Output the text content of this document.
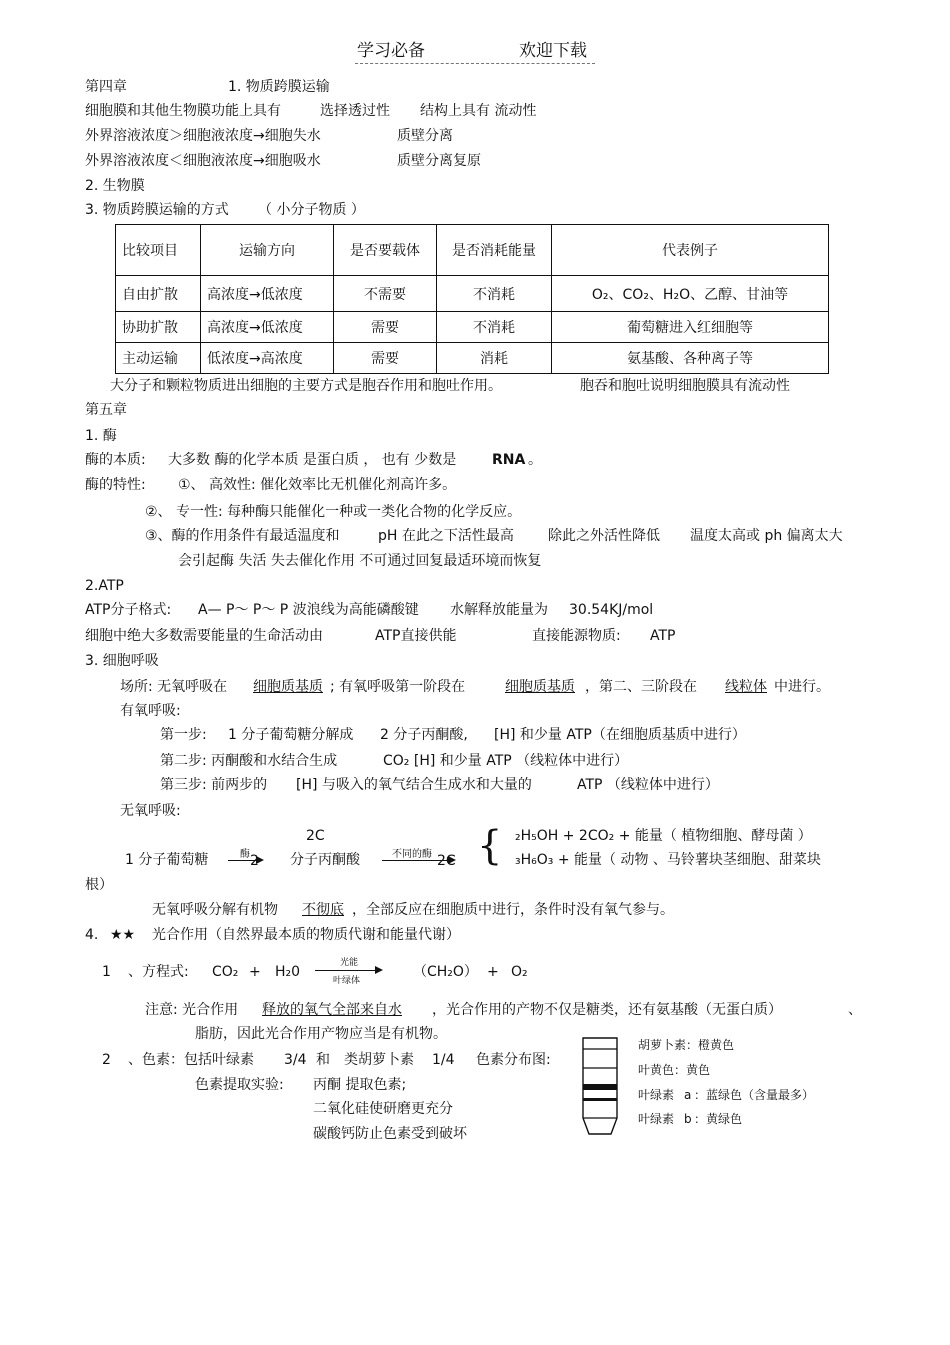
学习必备	欢迎下载
第四章	1. 物质跨膜运输
细胞膜和其他生物膜功能上具有	选择透过性 结构上具有 流动性
外界溶液浓度＞细胞液浓度→细胞失水	质壁分离
外界溶液浓度＜细胞液浓度→细胞吸水	质壁分离复原
2. 生物膜
3. 物质跨膜运输的方式 （ 小分子物质 ）
比较项目	运输方向	是否要载体	是否消耗能量	代表例子
自由扩散	高浓度→低浓度	不需要	不消耗	O₂、CO₂、H₂O、乙醇、甘油等
协助扩散	高浓度→低浓度	需要	不消耗	葡萄糖进入红细胞等
主动运输	低浓度→高浓度	需要	消耗	氨基酸、各种离子等
大分子和颗粒物质进出细胞的主要方式是胞吞作用和胞吐作用。	胞吞和胞吐说明细胞膜具有流动性
第五章
1. 酶
酶的本质: 大多数 酶的化学本质 是蛋白质 ， 也有 少数是	RNA 。
酶的特性: ①、 高效性: 催化效率比无机催化剂高许多。
②、 专一性: 每种酶只能催化一种或一类化合物的化学反应。
③、酶的作用条件有最适温度和	pH 在此之下活性最高 除此之外活性降低 温度太高或 ph 偏离太大
会引起酶 失活 失去催化作用 不可通过回复最适环境而恢复
2.ATP
ATP分子格式: A— P～ P～ P 波浪线为高能磷酸键 水解释放能量为 30.54KJ/mol
细胞中绝大多数需要能量的生命活动由	ATP直接供能	直接能源物质: ATP
3. 细胞呼吸
场所: 无氧呼吸在 细胞质基质 ; 有氧呼吸第一阶段在	细胞质基质 ，第二、三阶段在 线粒体 中进行。
有氧呼吸:
第一步: 1 分子葡萄糖分解成 2 分子丙酮酸, [H] 和少量 ATP（在细胞质基质中进行）
第二步: 丙酮酸和水结合生成	CO₂ [H] 和少量 ATP （线粒体中进行）
第三步: 前两步的 [H] 与吸入的氧气结合生成水和大量的	ATP （线粒体中进行）
无氧呼吸:
2C
1 分子葡萄糖	酶 2 分子丙酮酸	不同的酶 2C { ₂H₅OH + 2CO₂ + 能量（ 植物细胞、酵母菌 ）
₃H₆O₃ + 能量（ 动物 、马铃薯块茎细胞、甜菜块
根）
无氧呼吸分解有机物 不彻底 ，全部反应在细胞质中进行，条件时没有氧气参与。
4. ★★ 光合作用（自然界最本质的物质代谢和能量代谢）
1 、方程式: CO₂ + H₂0
光能
叶绿体
（CH₂O） + O₂
注意: 光合作用 释放的氧气全部来自水 ，光合作用的产物不仅是糖类，还有氨基酸（无蛋白质）	、
脂肪，因此光合作用产物应当是有机物。
2 、色素：包括叶绿素 3/4 和 类胡萝卜素 1/4 色素分布图:
色素提取实验: 丙酮 提取色素;
二氧化硅使研磨更充分
碳酸钙防止色素受到破坏
胡萝卜素：橙黄色
叶黄色：黄色
叶绿素 a ：蓝绿色（含量最多）
叶绿素 b ：黄绿色
